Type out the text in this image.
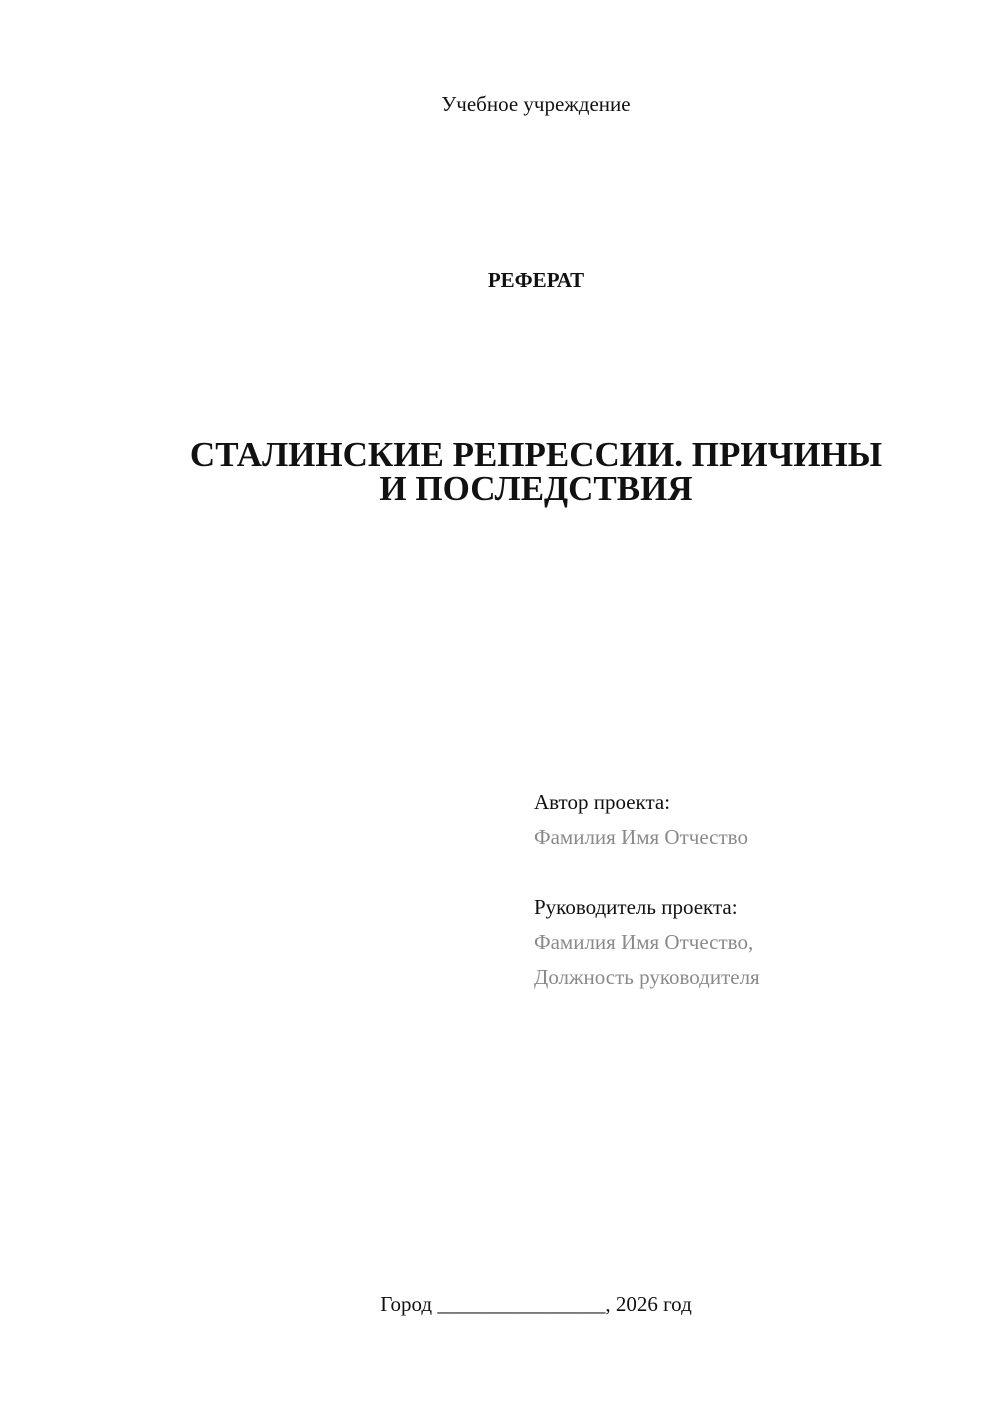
Учебное учреждение
РЕФЕРАТ
СТАЛИНСКИЕ РЕПРЕССИИ. ПРИЧИНЫ
И ПОСЛЕДСТВИЯ
Автор проекта:
Фамилия Имя Отчество
Руководитель проекта:
Фамилия Имя Отчество,
Должность руководителя
Город ________________, 2026 год
